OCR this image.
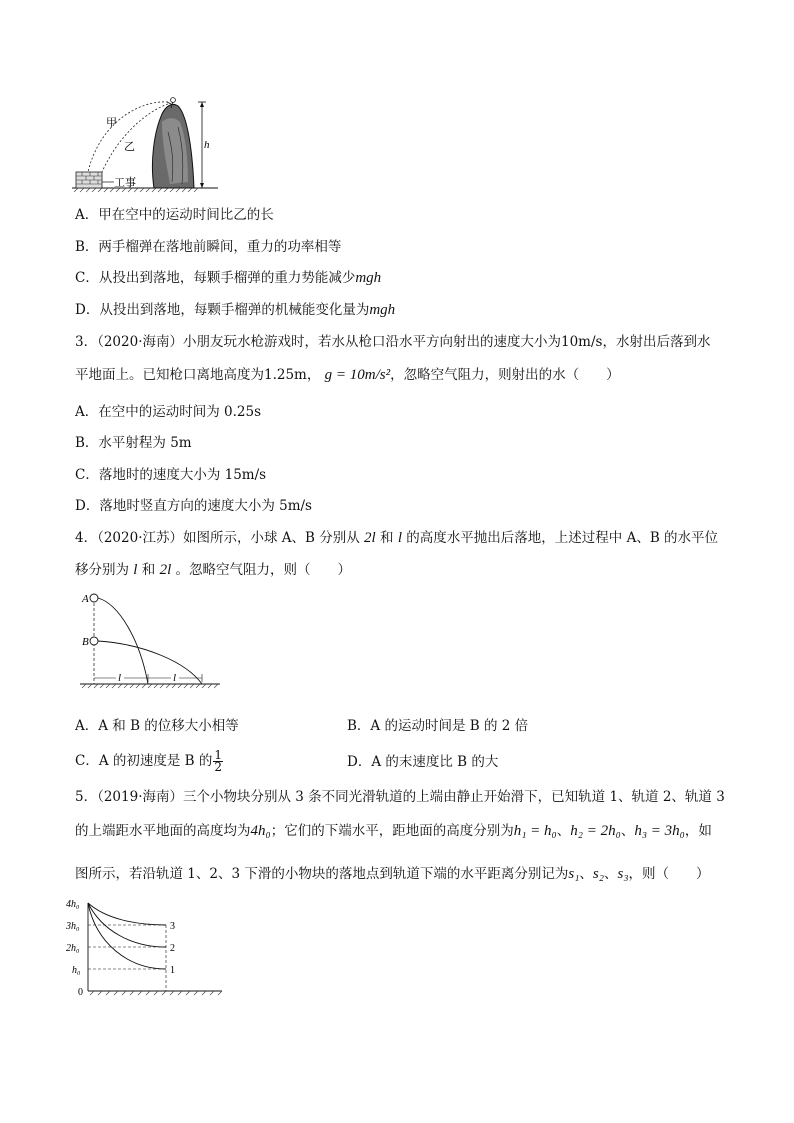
h
甲
乙
工事
A．甲在空中的运动时间比乙的长
B．两手榴弹在落地前瞬间，重力的功率相等
C．从投出到落地，每颗手榴弹的重力势能减少mgh
D．从投出到落地，每颗手榴弹的机械能变化量为mgh
3．（2020·海南）小朋友玩水枪游戏时，若水从枪口沿水平方向射出的速度大小为10m/s，水射出后落到水
平地面上。已知枪口离地高度为1.25m， g = 10m/s²，忽略空气阻力，则射出的水（　　）
A．在空中的运动时间为 0.25s
B．水平射程为 5m
C．落地时的速度大小为 15m/s
D．落地时竖直方向的速度大小为 5m/s
4．（2020·江苏）如图所示，小球 A、B 分别从 2l 和 l 的高度水平抛出后落地，上述过程中 A、B 的水平位
移分别为 l 和 2l 。忽略空气阻力，则（　　）
A
B
l	l
A．A 和 B 的位移大小相等	B．A 的运动时间是 B 的 2 倍
C．A 的初速度是 B 的 $\frac{1}{2}$	D．A 的末速度比 B 的大
5．（2019·海南）三个小物块分别从 3 条不同光滑轨道的上端由静止开始滑下，已知轨道 1、轨道 2、轨道 3
的上端距水平地面的高度均为4h₀；它们的下端水平，距地面的高度分别为h₁ = h₀、h₂ = 2h₀、h₃ = 3h₀，如
图所示，若沿轨道 1、2、3 下滑的小物块的落地点到轨道下端的水平距离分别记为s₁、s₂、s₃，则（　　）
4h₀
3h₀
2h₀
h₀
0
3
2
1
